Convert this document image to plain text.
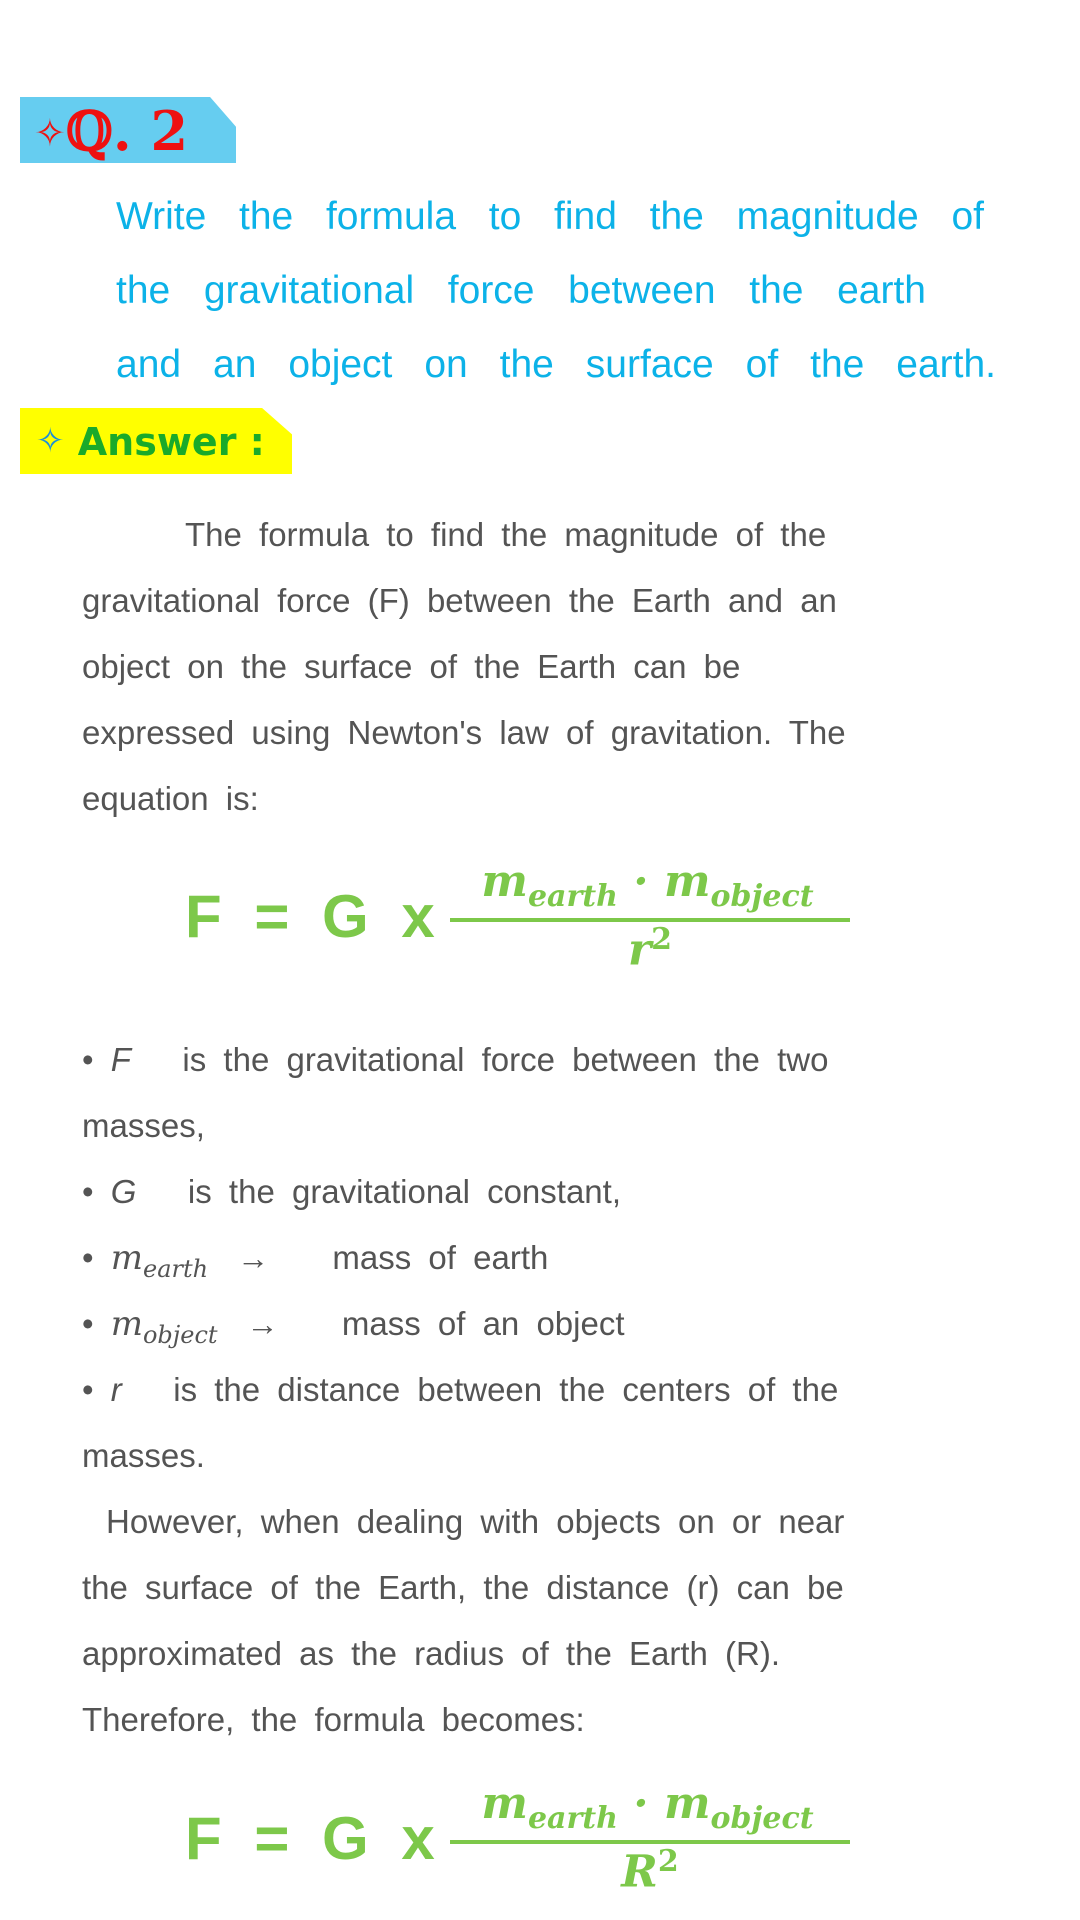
✧ℚ. 2
Write the formula to find the magnitude of
the gravitational force between the earth
and an object on the surface of the earth.
✧ Answer :
The formula to find the magnitude of the
gravitational force (F) between the Earth and an
object on the surface of the Earth can be
expressed using Newton's law of gravitation. The
equation is:
F = G x
$m_{earth} \cdot m_{object}$
$r^2$
• F is the gravitational force between the two
masses,
• G is the gravitational constant,
• $m_{earth}$ → mass of earth
• $m_{object}$ → mass of an object
• r is the distance between the centers of the
masses.
However, when dealing with objects on or near
the surface of the Earth, the distance (r) can be
approximated as the radius of the Earth (R).
Therefore, the formula becomes:
F = G x
$m_{earth} \cdot m_{object}$
$R^2$
